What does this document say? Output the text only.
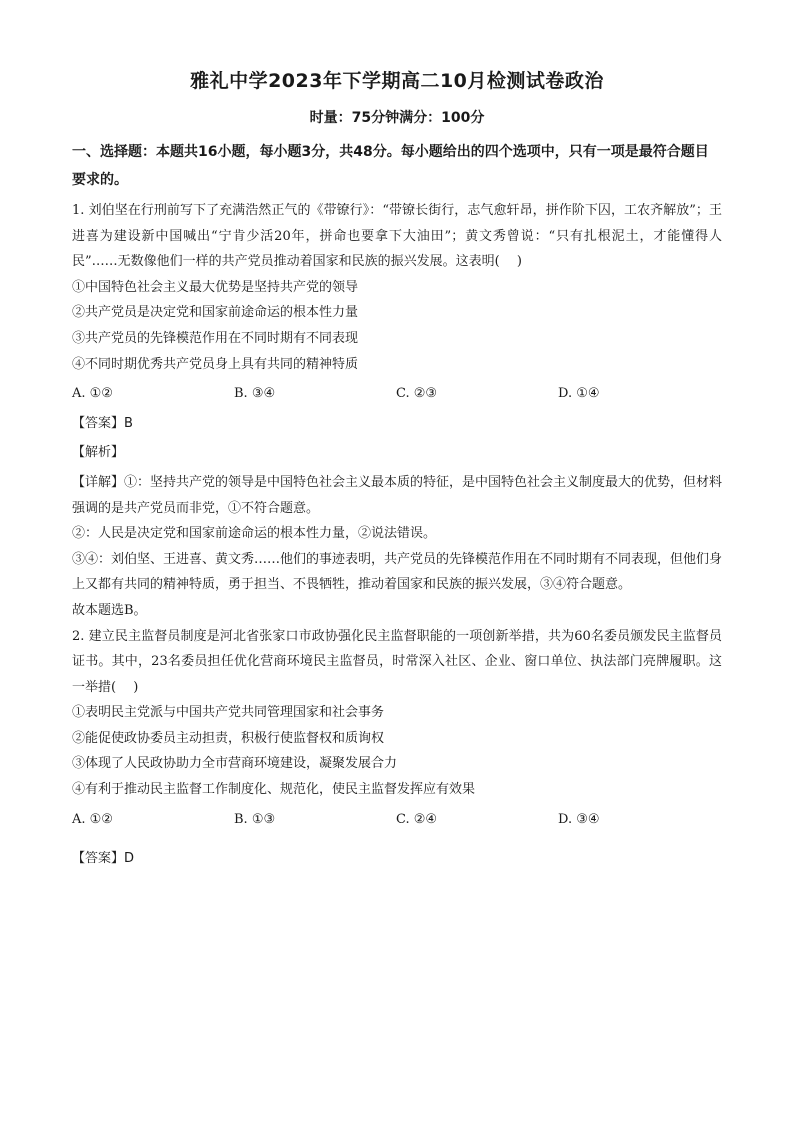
雅礼中学2023年下学期高二10月检测试卷政治
时量：75分钟满分：100分

一、选择题：本题共16小题，每小题3分，共48分。每小题给出的四个选项中，只有一项是最符合题目要求的。

1. 刘伯坚在行刑前写下了充满浩然正气的《带镣行》：“带镣长街行，志气愈轩昂，拼作阶下囚，工农齐解放”；王进喜为建设新中国喊出“宁肯少活20年，拼命也要拿下大油田”；黄文秀曾说：“只有扎根泥土，才能懂得人民”……无数像他们一样的共产党员推动着国家和民族的振兴发展。这表明(　 )

①中国特色社会主义最大优势是坚持共产党的领导

②共产党员是决定党和国家前途命运的根本性力量

③共产党员的先锋模范作用在不同时期有不同表现

④不同时期优秀共产党员身上具有共同的精神特质

A. ①②	B. ③④	C. ②③	D. ①④

【答案】B

【解析】

【详解】①：坚持共产党的领导是中国特色社会主义最本质的特征，是中国特色社会主义制度最大的优势，但材料强调的是共产党员而非党，①不符合题意。

②：人民是决定党和国家前途命运的根本性力量，②说法错误。

③④：刘伯坚、王进喜、黄文秀……他们的事迹表明，共产党员的先锋模范作用在不同时期有不同表现，但他们身上又都有共同的精神特质，勇于担当、不畏牺牲，推动着国家和民族的振兴发展，③④符合题意。

故本题选B。

2. 建立民主监督员制度是河北省张家口市政协强化民主监督职能的一项创新举措，共为60名委员颁发民主监督员证书。其中，23名委员担任优化营商环境民主监督员，时常深入社区、企业、窗口单位、执法部门亮牌履职。这一举措(　 )

①表明民主党派与中国共产党共同管理国家和社会事务

②能促使政协委员主动担责，积极行使监督权和质询权

③体现了人民政协助力全市营商环境建设，凝聚发展合力

④有利于推动民主监督工作制度化、规范化，使民主监督发挥应有效果

A. ①②	B. ①③	C. ②④	D. ③④

【答案】D
